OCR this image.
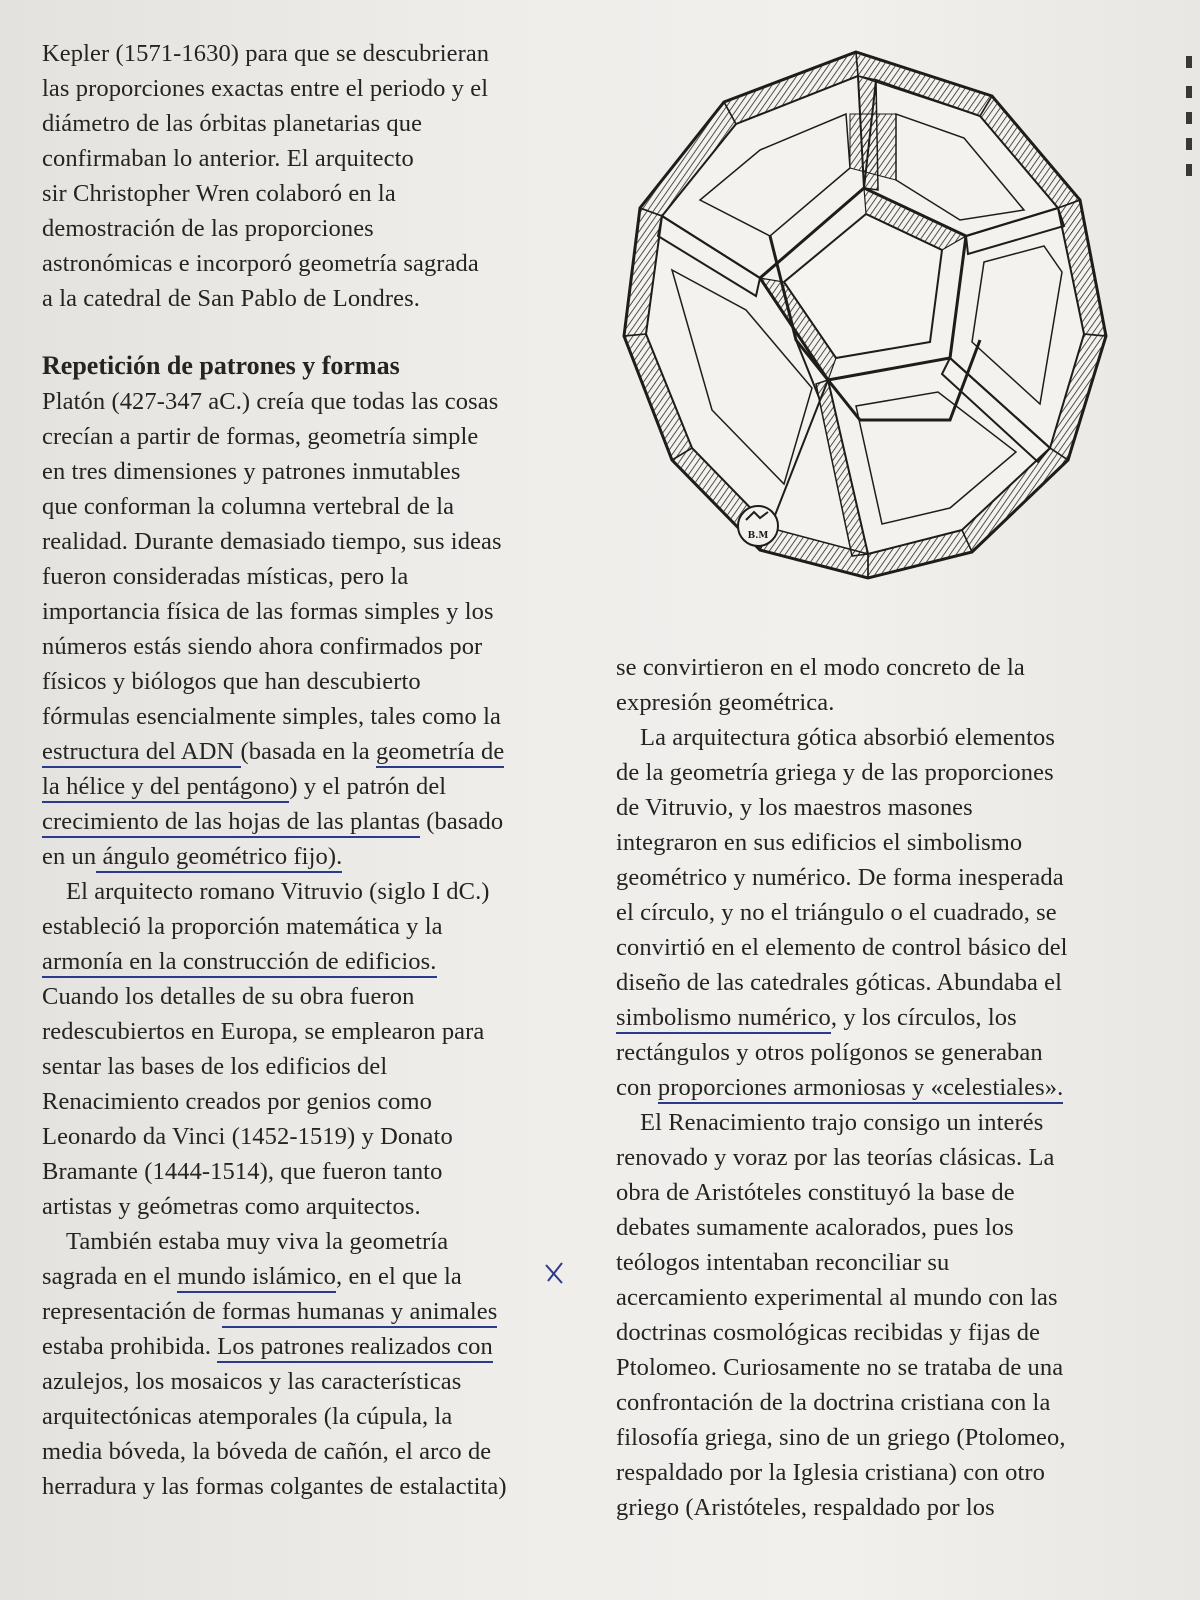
B.M
Kepler (1571-1630) para que se descubrieran
las proporciones exactas entre el periodo y el
diámetro de las órbitas planetarias que
confirmaban lo anterior. El arquitecto
sir Christopher Wren colaboró en la
demostración de las proporciones
astronómicas e incorporó geometría sagrada
a la catedral de San Pablo de Londres.
Repetición de patrones y formas
Platón (427-347 aC.) creía que todas las cosas
crecían a partir de formas, geometría simple
en tres dimensiones y patrones inmutables
que conforman la columna vertebral de la
realidad. Durante demasiado tiempo, sus ideas
fueron consideradas místicas, pero la
importancia física de las formas simples y los
números estás siendo ahora confirmados por
físicos y biólogos que han descubierto
fórmulas esencialmente simples, tales como la
estructura del ADN (basada en la geometría de
la hélice y del pentágono) y el patrón del
crecimiento de las hojas de las plantas (basado
en un ángulo geométrico fijo).
El arquitecto romano Vitruvio (siglo I dC.)
estableció la proporción matemática y la
armonía en la construcción de edificios.
Cuando los detalles de su obra fueron
redescubiertos en Europa, se emplearon para
sentar las bases de los edificios del
Renacimiento creados por genios como
Leonardo da Vinci (1452-1519) y Donato
Bramante (1444-1514), que fueron tanto
artistas y geómetras como arquitectos.
También estaba muy viva la geometría
sagrada en el mundo islámico, en el que la
representación de formas humanas y animales
estaba prohibida. Los patrones realizados con
azulejos, los mosaicos y las características
arquitectónicas atemporales (la cúpula, la
media bóveda, la bóveda de cañón, el arco de
herradura y las formas colgantes de estalactita)
se convirtieron en el modo concreto de la
expresión geométrica.
La arquitectura gótica absorbió elementos
de la geometría griega y de las proporciones
de Vitruvio, y los maestros masones
integraron en sus edificios el simbolismo
geométrico y numérico. De forma inesperada
el círculo, y no el triángulo o el cuadrado, se
convirtió en el elemento de control básico del
diseño de las catedrales góticas. Abundaba el
simbolismo numérico, y los círculos, los
rectángulos y otros polígonos se generaban
con proporciones armoniosas y «celestiales».
El Renacimiento trajo consigo un interés
renovado y voraz por las teorías clásicas. La
obra de Aristóteles constituyó la base de
debates sumamente acalorados, pues los
teólogos intentaban reconciliar su
acercamiento experimental al mundo con las
doctrinas cosmológicas recibidas y fijas de
Ptolomeo. Curiosamente no se trataba de una
confrontación de la doctrina cristiana con la
filosofía griega, sino de un griego (Ptolomeo,
respaldado por la Iglesia cristiana) con otro
griego (Aristóteles, respaldado por los
